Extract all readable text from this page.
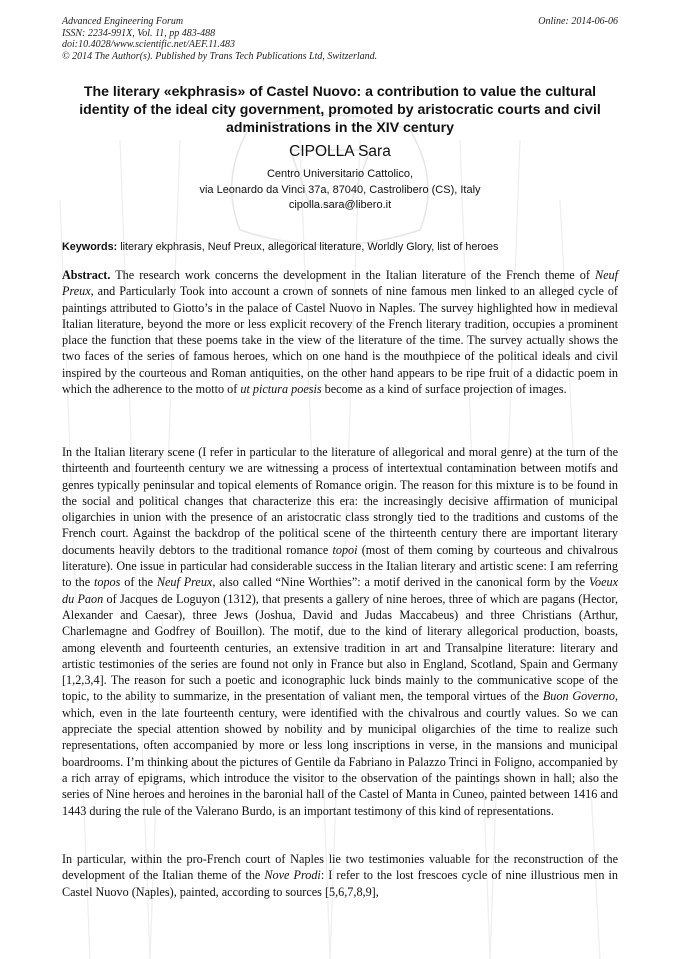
Advanced Engineering Forum
ISSN: 2234-991X, Vol. 11, pp 483-488
doi:10.4028/www.scientific.net/AEF.11.483
© 2014 The Author(s). Published by Trans Tech Publications Ltd, Switzerland.
Online: 2014-06-06
The literary «ekphrasis» of Castel Nuovo: a contribution to value the cultural identity of the ideal city government, promoted by aristocratic courts and civil administrations in the XIV century
CIPOLLA Sara
Centro Universitario Cattolico,
via Leonardo da Vinci 37a, 87040, Castrolibero (CS), Italy
cipolla.sara@libero.it
Keywords: literary ekphrasis, Neuf Preux, allegorical literature, Worldly Glory, list of heroes

Abstract. The research work concerns the development in the Italian literature of the French theme of Neuf Preux, and Particularly Took into account a crown of sonnets of nine famous men linked to an alleged cycle of paintings attributed to Giotto’s in the palace of Castel Nuovo in Naples. The survey highlighted how in medieval Italian literature, beyond the more or less explicit recovery of the French literary tradition, occupies a prominent place the function that these poems take in the view of the literature of the time. The survey actually shows the two faces of the series of famous heroes, which on one hand is the mouthpiece of the political ideals and civil inspired by the courteous and Roman antiquities, on the other hand appears to be ripe fruit of a didactic poem in which the adherence to the motto of ut pictura poesis become as a kind of surface projection of images.

In the Italian literary scene (I refer in particular to the literature of allegorical and moral genre) at the turn of the thirteenth and fourteenth century we are witnessing a process of intertextual contamination between motifs and genres typically peninsular and topical elements of Romance origin. The reason for this mixture is to be found in the social and political changes that characterize this era: the increasingly decisive affirmation of municipal oligarchies in union with the presence of an aristocratic class strongly tied to the traditions and customs of the French court. Against the backdrop of the political scene of the thirteenth century there are important literary documents heavily debtors to the traditional romance topoi (most of them coming by courteous and chivalrous literature). One issue in particular had considerable success in the Italian literary and artistic scene: I am referring to the topos of the Neuf Preux, also called “Nine Worthies”: a motif derived in the canonical form by the Voeux du Paon of Jacques de Loguyon (1312), that presents a gallery of nine heroes, three of which are pagans (Hector, Alexander and Caesar), three Jews (Joshua, David and Judas Maccabeus) and three Christians (Arthur, Charlemagne and Godfrey of Bouillon). The motif, due to the kind of literary allegorical production, boasts, among eleventh and fourteenth centuries, an extensive tradition in art and Transalpine literature: literary and artistic testimonies of the series are found not only in France but also in England, Scotland, Spain and Germany [1,2,3,4]. The reason for such a poetic and iconographic luck binds mainly to the communicative scope of the topic, to the ability to summarize, in the presentation of valiant men, the temporal virtues of the Buon Governo, which, even in the late fourteenth century, were identified with the chivalrous and courtly values. So we can appreciate the special attention showed by nobility and by municipal oligarchies of the time to realize such representations, often accompanied by more or less long inscriptions in verse, in the mansions and municipal boardrooms. I’m thinking about the pictures of Gentile da Fabriano in Palazzo Trinci in Foligno, accompanied by a rich array of epigrams, which introduce the visitor to the observation of the paintings shown in hall; also the series of Nine heroes and heroines in the baronial hall of the Castel of Manta in Cuneo, painted between 1416 and 1443 during the rule of the Valerano Burdo, is an important testimony of this kind of representations.

In particular, within the pro-French court of Naples lie two testimonies valuable for the reconstruction of the development of the Italian theme of the Nove Prodi: I refer to the lost frescoes cycle of nine illustrious men in Castel Nuovo (Naples), painted, according to sources [5,6,7,8,9],
